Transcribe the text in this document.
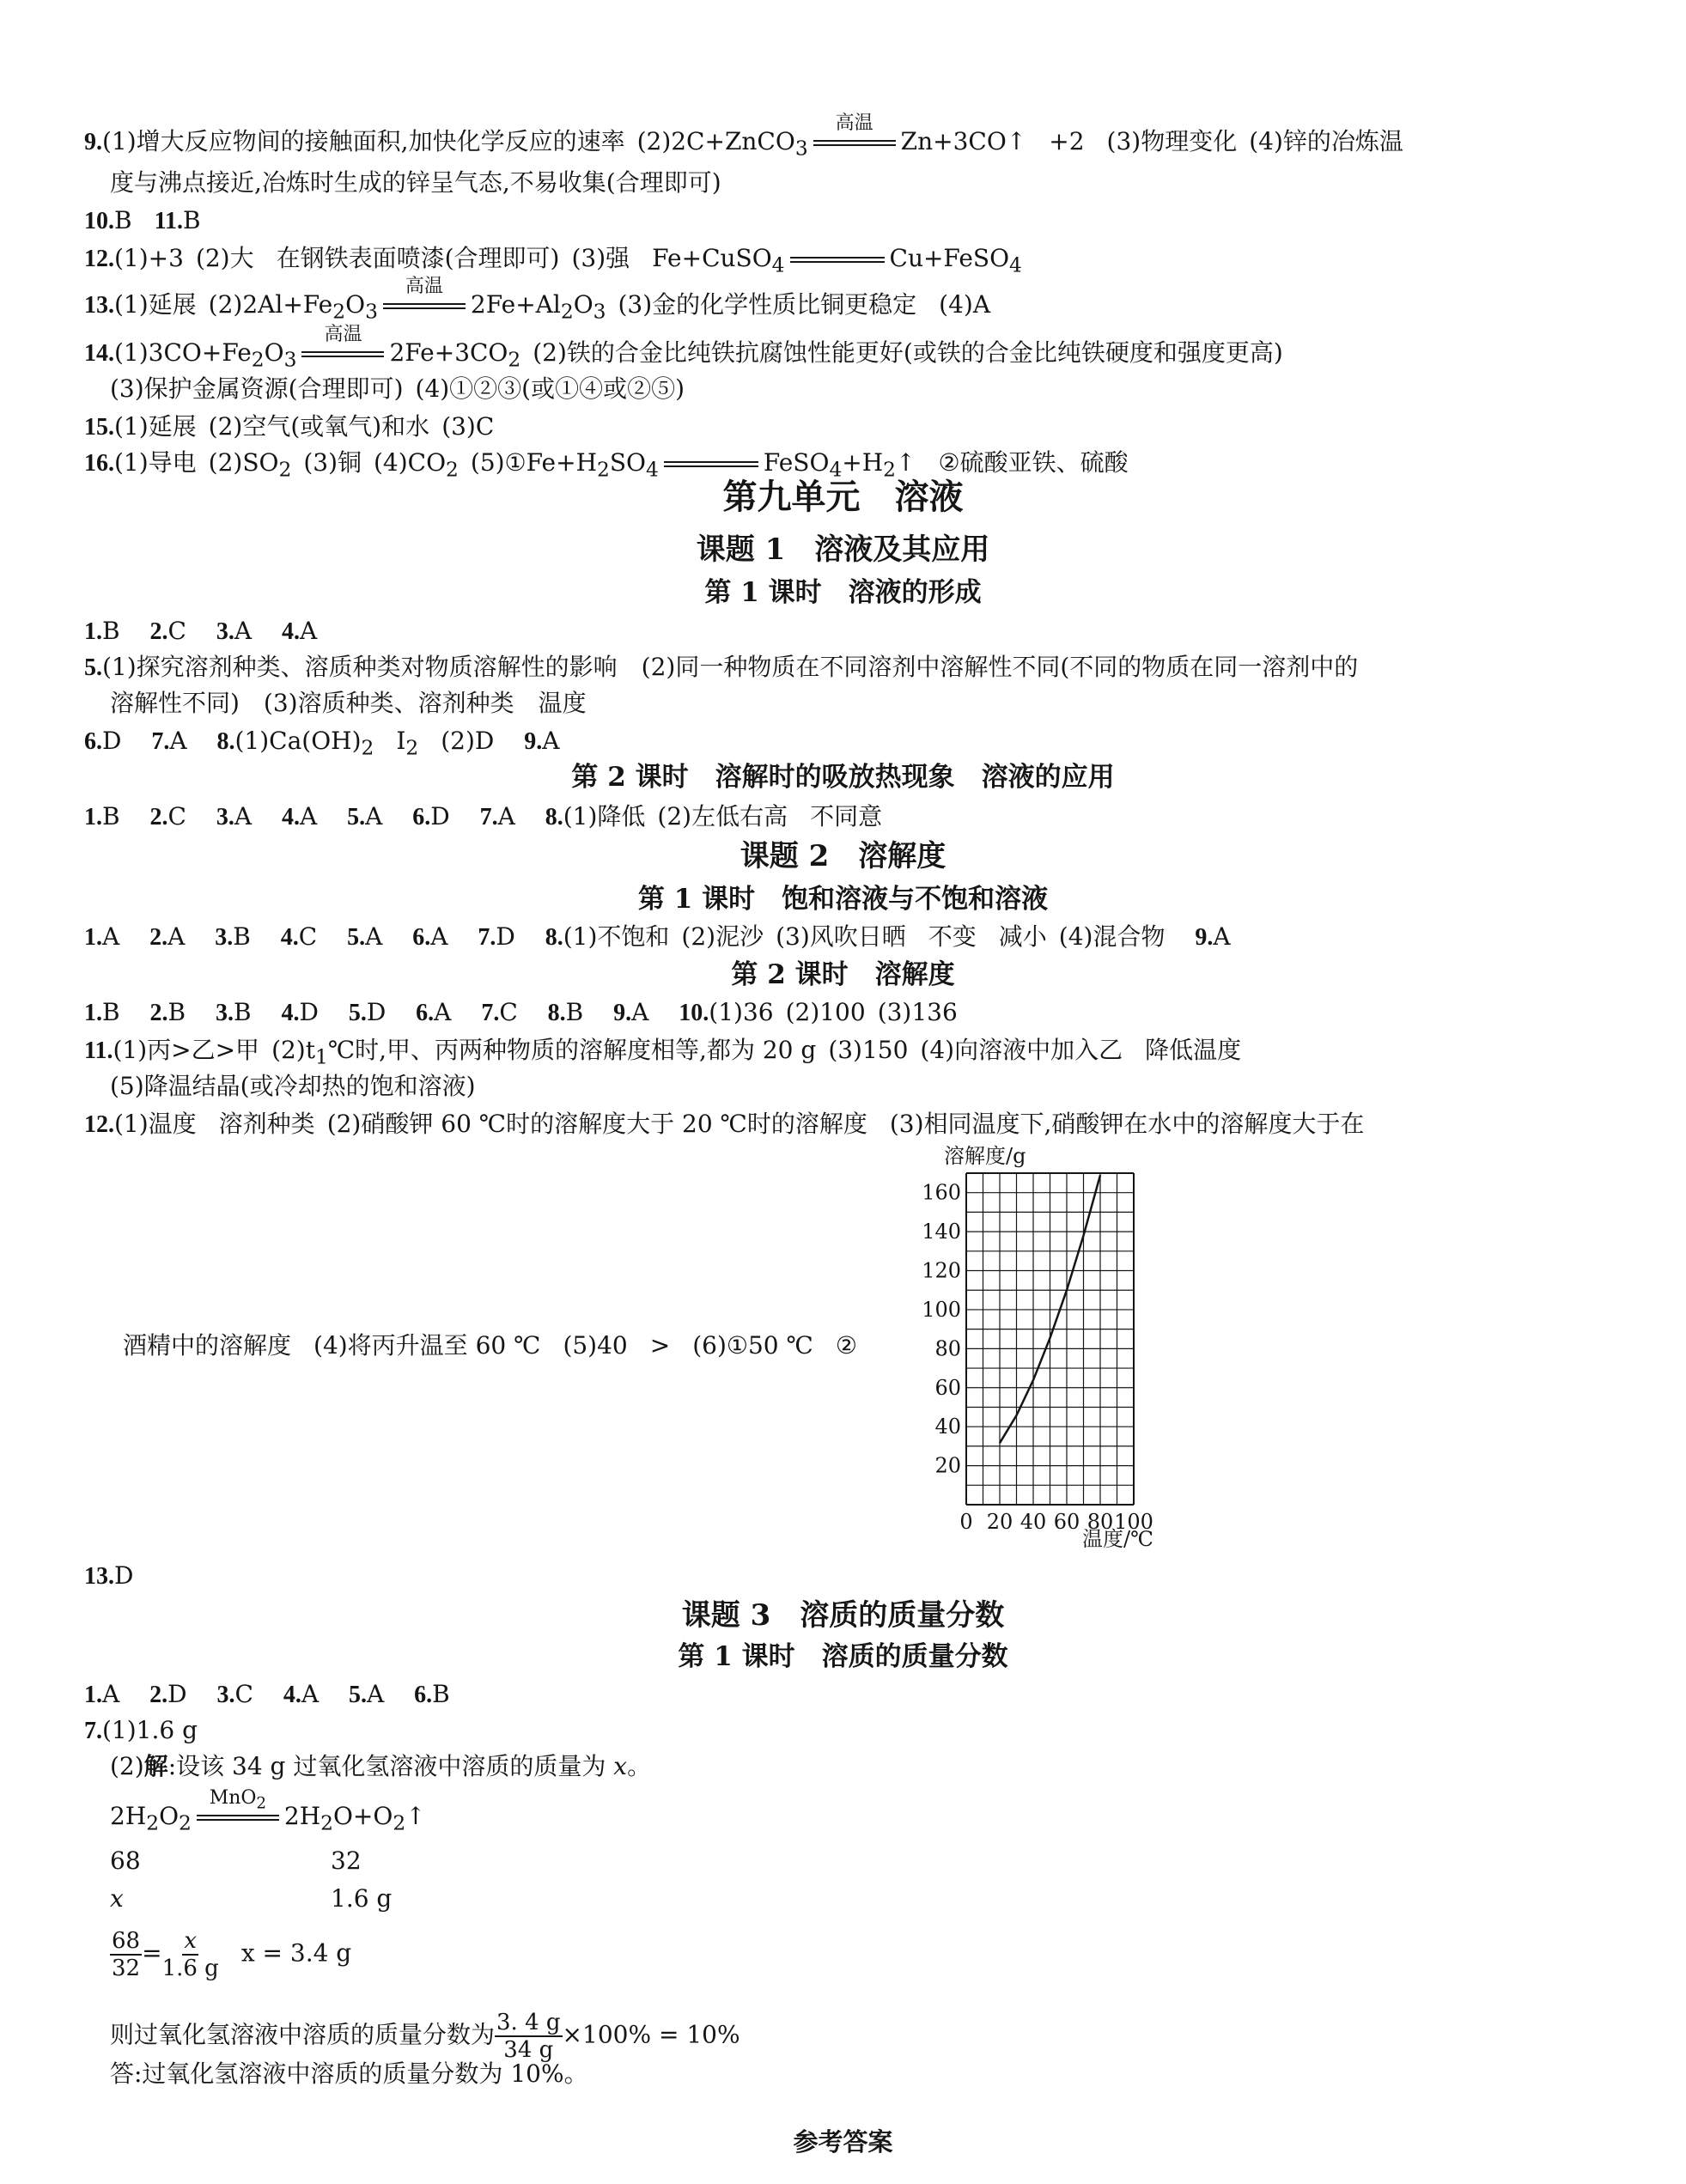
9.(1)增大反应物间的接触面积,加快化学反应的速率 (2)2C+ZnCO$_3$
高温
Zn+3CO↑ +2 (3)物理变化 (4)锌的冶炼温
度与沸点接近,冶炼时生成的锌呈气态,不易收集(合理即可)
10.B 11.B
12.(1)+3 (2)大 在钢铁表面喷漆(合理即可) (3)强 Fe+CuSO$_4$	Cu+FeSO$_4$
13.(1)延展 $(2)2Al+Fe_2O_3$
高温
$2Fe+Al_2O_3$ (3)金的化学性质比铜更稳定 (4)A
$14.(1)3CO+Fe_2O_3$
高温
$2Fe+3CO_2$ (2)铁的合金比纯铁抗腐蚀性能更好(或铁的合金比纯铁硬度和强度更高)
(3)保护金属资源(合理即可) (4)①②③(或①④或②⑤)
15.(1)延展 (2)空气(或氧气)和水 (3)C
16.(1)导电 $(2)SO_2$ (3)铜 $(4)CO_2$ $(5)①Fe+H_2SO_4$	$FeSO_4+H_2↑$ ②硫酸亚铁、硫酸
第九单元　溶液
课题 1　溶液及其应用
第 1 课时　溶液的形成
1.B 2.C 3.A 4.A
5.(1)探究溶剂种类、溶质种类对物质溶解性的影响　(2)同一种物质在不同溶剂中溶解性不同(不同的物质在同一溶剂中的
溶解性不同)　(3)溶质种类、溶剂种类　温度
6.D 7.A $8.(1)Ca(OH)_2$ $I_2$ (2)D 9.A
第 2 课时　溶解时的吸放热现象　溶液的应用
1.B 2.C 3.A 4.A 5.A 6.D 7.A 8.(1)降低 (2)左低右高 不同意
课题 2　溶解度
第 1 课时　饱和溶液与不饱和溶液
1.A 2.A 3.B 4.C 5.A 6.A 7.D 8.(1)不饱和 (2)泥沙 (3)风吹日晒 不变 减小 (4)混合物 9.A
第 2 课时　溶解度
1.B 2.B 3.B 4.D 5.D 6.A 7.C 8.B 9.A 10.(1)36 (2)100 (3)136
11.(1)丙>乙>甲 $(2)t_1℃$时,甲、丙两种物质的溶解度相等,都为 20 g (3)150 (4)向溶液中加入乙 降低温度
(5)降温结晶(或冷却热的饱和溶液)
12.(1)温度 溶剂种类 (2)硝酸钾 60 ℃时的溶解度大于 20 ℃时的溶解度 (3)相同温度下,硝酸钾在水中的溶解度大于在
酒精中的溶解度 (4)将丙升温至 60 ℃ (5)40 > (6)①50 ℃ ②
溶解度/g
20
40
60
80
100
120
140
160
0 20 40 60 80 100
温度/℃
13.D
课题 3　溶质的质量分数
第 1 课时　溶质的质量分数
1.A 2.D 3.C 4.A 5.A 6.B
7.(1)1.6 g
(2)解:设该 34 g 过氧化氢溶液中溶质的质量为 x。
$2H_2O_2$
MnO$_2$ $2H_2O+O_2↑$
68	32
x	1.6 g
$\frac{68}{32} = \frac{x}{1.6 g}$ x = 3.4 g
则过氧化氢溶液中溶质的质量分数为 $\frac{3. 4 g}{34 g} \times 100\% = 10\%$
答:过氧化氢溶液中溶质的质量分数为 10%。
参考答案
